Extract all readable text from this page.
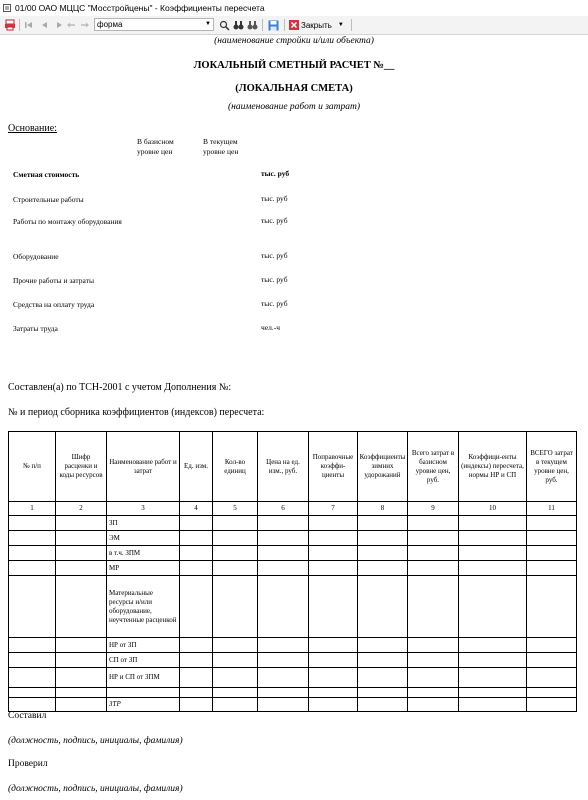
01/00 ОАО МЦЦС "Мосстройцены" - Коэффициенты пересчета
форма	▼	Закрыть ▼
(наименование стройки и/или объекта)
ЛОКАЛЬНЫЙ СМЕТНЫЙ РАСЧЕТ №__
(ЛОКАЛЬНАЯ СМЕТА)
(наименование работ и затрат)
Основание:
В базисном уровне цен
В текущем уровне цен
Сметная стоимость	тыс. руб
Строительные работы	тыс. руб
Работы по монтажу оборудования	тыс. руб
Оборудование	тыс. руб
Прочие работы и затраты	тыс. руб
Средства на оплату труда	тыс. руб
Затраты труда	чел.-ч
Составлен(а) по ТСН-2001 с учетом Дополнения №:
№ и период сборника коэффициентов (индексов) пересчета:
№ п/п	Шифр расценки и коды ресурсов	Наименование работ и затрат	Ед. изм.	Кол-во единиц	Цена на ед. изм., руб.	Поправочные коэффи-циенты	Коэффициенты зимних удорожаний	Всего затрат в базисном уровне цен, руб.	Коэффици-енты (индексы) пересчета, нормы НР и СП	ВСЕГО затрат в текущем уровне цен, руб.
1	2	3	4	5	6	7	8	9	10	11
		ЗП								
		ЭМ								
		в т.ч. ЗПМ								
		МР								
		Материальные ресурсы и/или оборудование, неучтенные расценкой								
		НР от ЗП								
		СП от ЗП								
		НР и СП от ЗПМ								

		ЗТР								
Составил
(должность, подпись, инициалы, фамилия)
Проверил
(должность, подпись, инициалы, фамилия)
